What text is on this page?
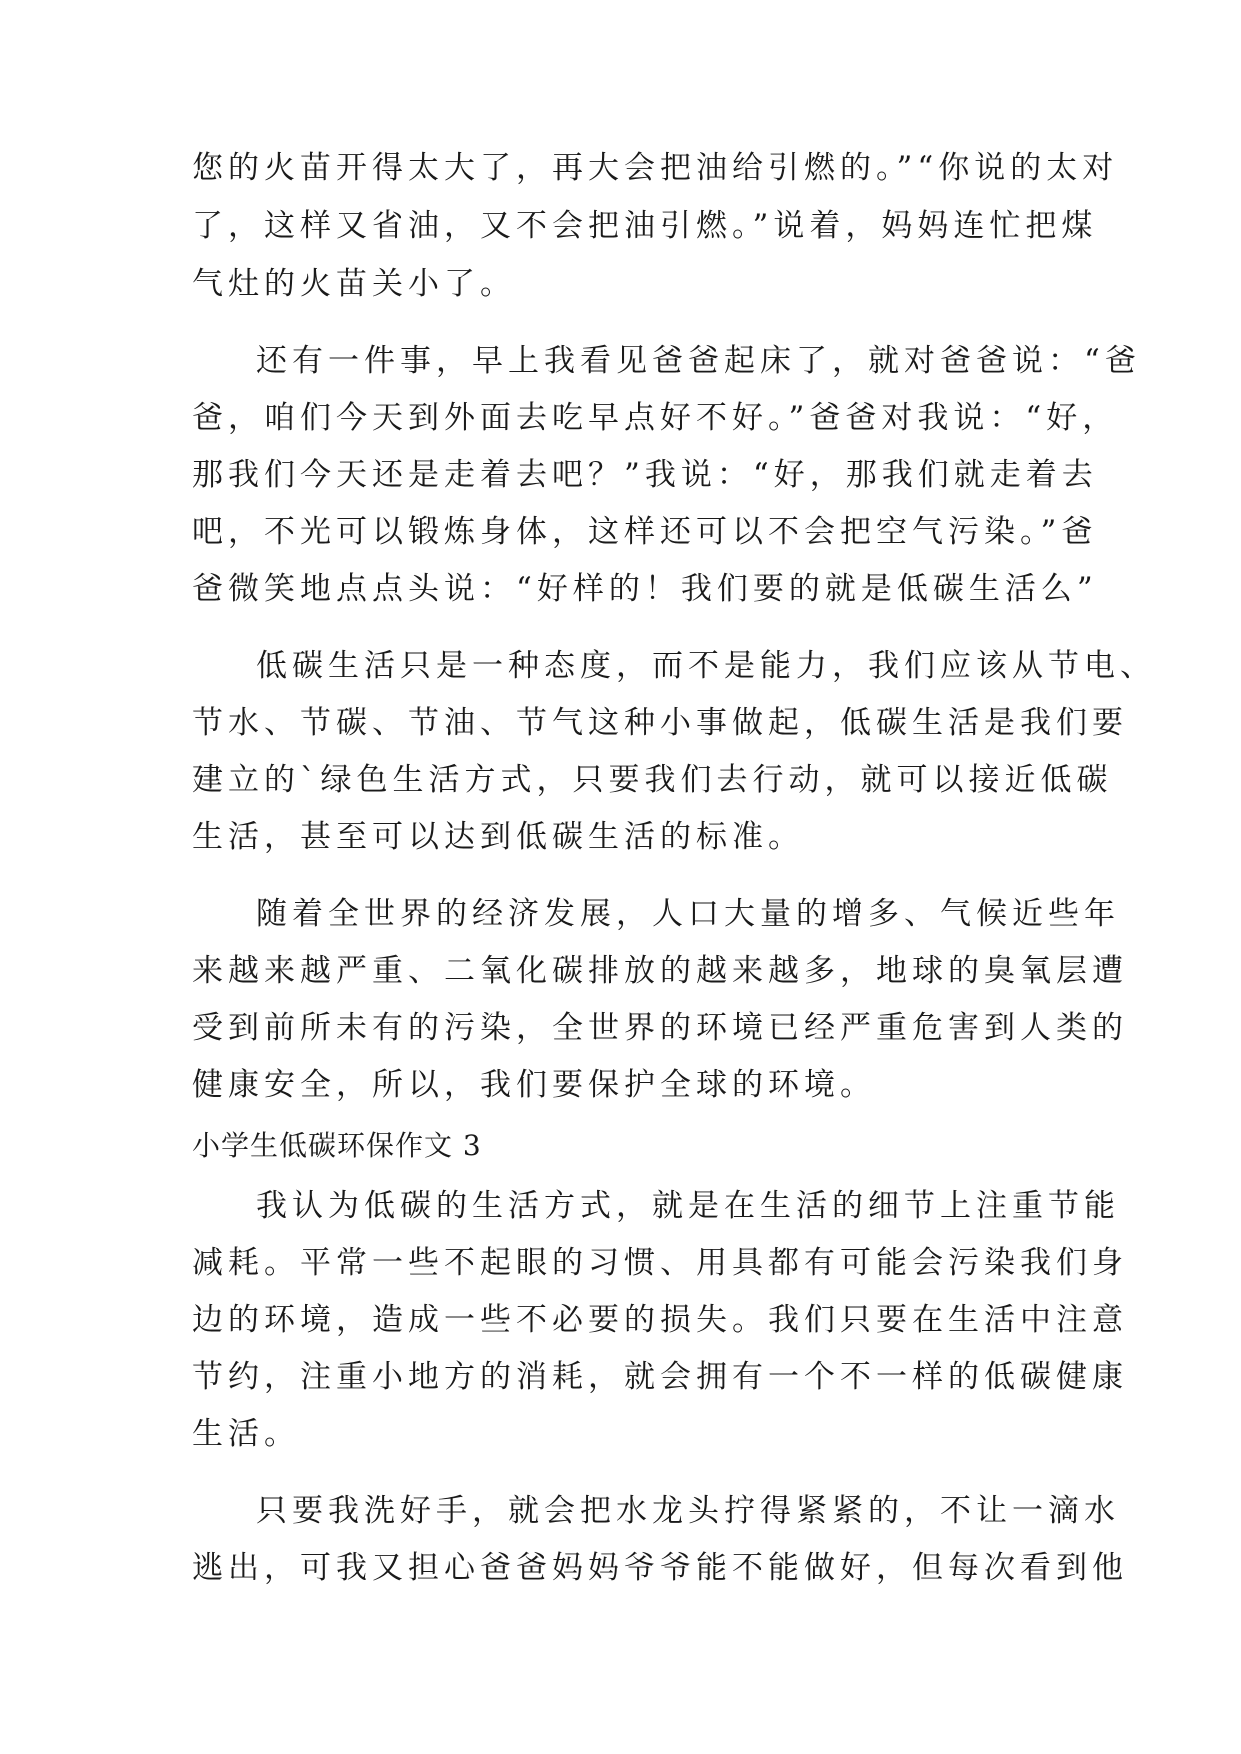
您的火苗开得太大了，再大会把油给引燃的。”“你说的太对
了，这样又省油，又不会把油引燃。”说着，妈妈连忙把煤
气灶的火苗关小了。
还有一件事，早上我看见爸爸起床了，就对爸爸说：“爸
爸，咱们今天到外面去吃早点好不好。”爸爸对我说：“好，
那我们今天还是走着去吧？”我说：“好，那我们就走着去
吧，不光可以锻炼身体，这样还可以不会把空气污染。”爸
爸微笑地点点头说：“好样的！我们要的就是低碳生活么”
低碳生活只是一种态度，而不是能力，我们应该从节电、
节水、节碳、节油、节气这种小事做起，低碳生活是我们要
建立的`绿色生活方式，只要我们去行动，就可以接近低碳
生活，甚至可以达到低碳生活的标准。
随着全世界的经济发展，人口大量的增多、气候近些年
来越来越严重、二氧化碳排放的越来越多，地球的臭氧层遭
受到前所未有的污染，全世界的环境已经严重危害到人类的
健康安全，所以，我们要保护全球的环境。
小学生低碳环保作文 3
我认为低碳的生活方式，就是在生活的细节上注重节能
减耗。平常一些不起眼的习惯、用具都有可能会污染我们身
边的环境，造成一些不必要的损失。我们只要在生活中注意
节约，注重小地方的消耗，就会拥有一个不一样的低碳健康
生活。
只要我洗好手，就会把水龙头拧得紧紧的，不让一滴水
逃出，可我又担心爸爸妈妈爷爷能不能做好，但每次看到他
